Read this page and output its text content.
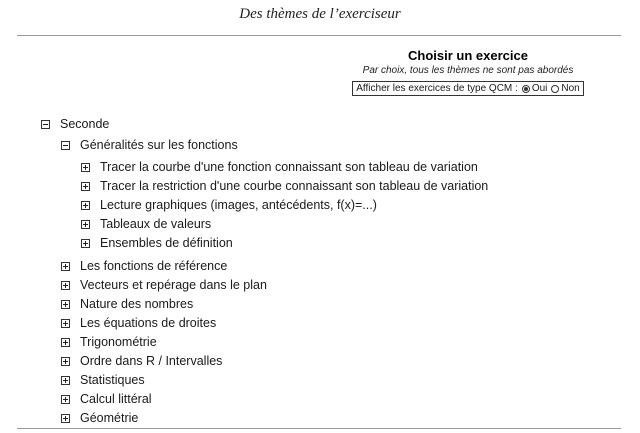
Des thèmes de l’exerciseur
Choisir un exercice
Par choix, tous les thèmes ne sont pas abordés
Afficher les exercices de type QCM : Oui Non
Seconde
Généralités sur les fonctions
Tracer la courbe d'une fonction connaissant son tableau de variation
Tracer la restriction d'une courbe connaissant son tableau de variation
Lecture graphiques (images, antécédents, f(x)=...)
Tableaux de valeurs
Ensembles de définition
Les fonctions de référence
Vecteurs et repérage dans le plan
Nature des nombres
Les équations de droites
Trigonométrie
Ordre dans R / Intervalles
Statistiques
Calcul littéral
Géométrie
